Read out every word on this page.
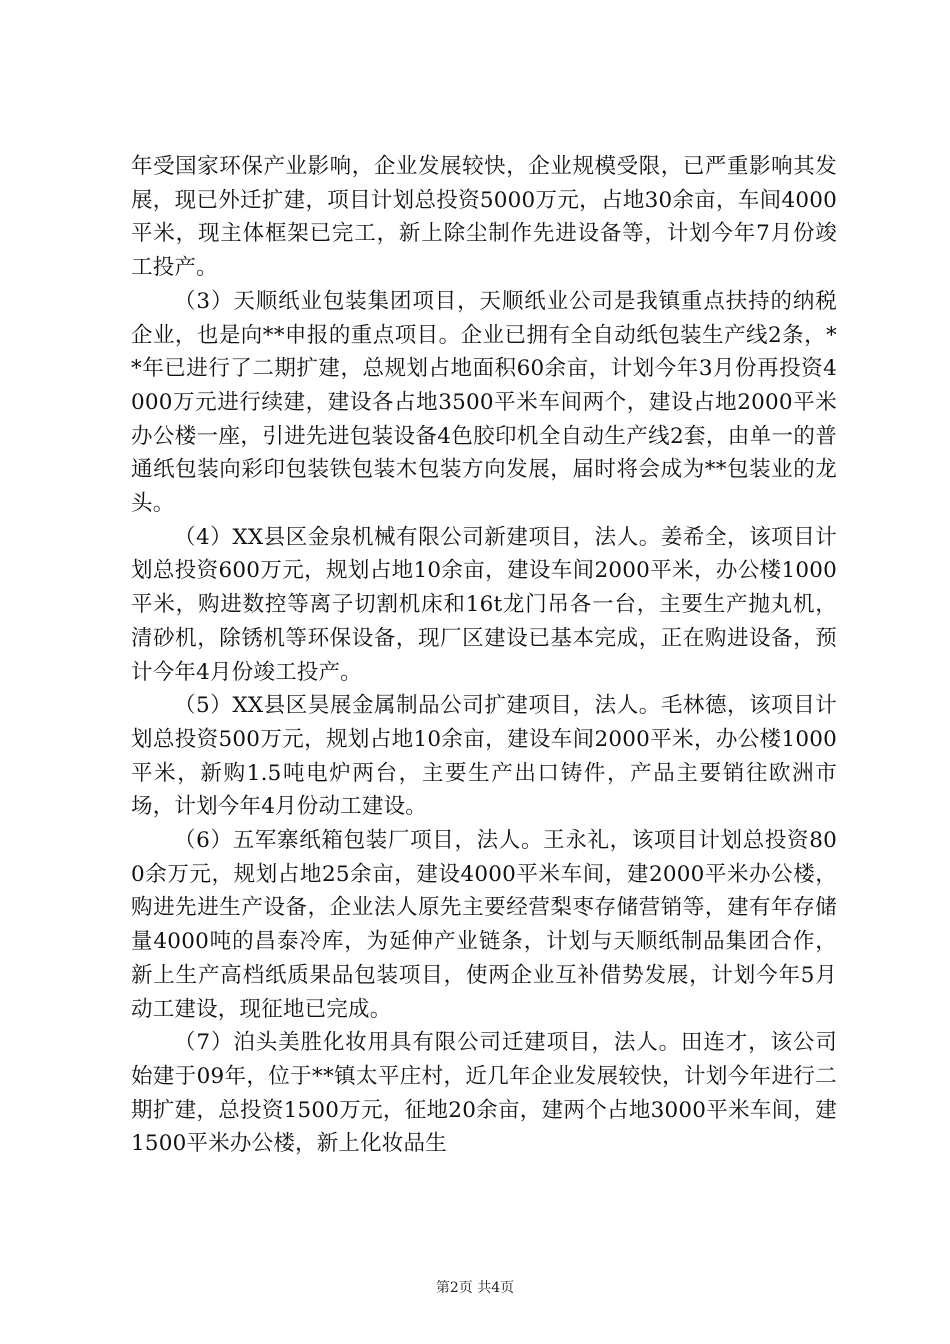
年受国家环保产业影响，企业发展较快，企业规模受限，已严重影响其发展，现已外迁扩建，项目计划总投资5000万元，占地30余亩，车间4000平米，现主体框架已完工，新上除尘制作先进设备等，计划今年7月份竣工投产。

（3）天顺纸业包装集团项目，天顺纸业公司是我镇重点扶持的纳税企业，也是向**申报的重点项目。企业已拥有全自动纸包装生产线2条，**年已进行了二期扩建，总规划占地面积60余亩，计划今年3月份再投资4000万元进行续建，建设各占地3500平米车间两个，建设占地2000平米办公楼一座，引进先进包装设备4色胶印机全自动生产线2套，由单一的普通纸包装向彩印包装铁包装木包装方向发展，届时将会成为**包装业的龙头。

（4）XX县区金泉机械有限公司新建项目，法人。姜希全，该项目计划总投资600万元，规划占地10余亩，建设车间2000平米，办公楼1000平米，购进数控等离子切割机床和16t龙门吊各一台，主要生产抛丸机，清砂机，除锈机等环保设备，现厂区建设已基本完成，正在购进设备，预计今年4月份竣工投产。

（5）XX县区昊展金属制品公司扩建项目，法人。毛林德，该项目计划总投资500万元，规划占地10余亩，建设车间2000平米，办公楼1000平米，新购1.5吨电炉两台，主要生产出口铸件，产品主要销往欧洲市场，计划今年4月份动工建设。

（6）五军寨纸箱包装厂项目，法人。王永礼，该项目计划总投资800余万元，规划占地25余亩，建设4000平米车间，建2000平米办公楼，购进先进生产设备，企业法人原先主要经营梨枣存储营销等，建有年存储量4000吨的昌泰冷库，为延伸产业链条，计划与天顺纸制品集团合作，新上生产高档纸质果品包装项目，使两企业互补借势发展，计划今年5月动工建设，现征地已完成。

（7）泊头美胜化妆用具有限公司迁建项目，法人。田连才，该公司始建于09年，位于**镇太平庄村，近几年企业发展较快，计划今年进行二期扩建，总投资1500万元，征地20余亩，建两个占地3000平米车间，建1500平米办公楼，新上化妆品生

第2页 共4页
